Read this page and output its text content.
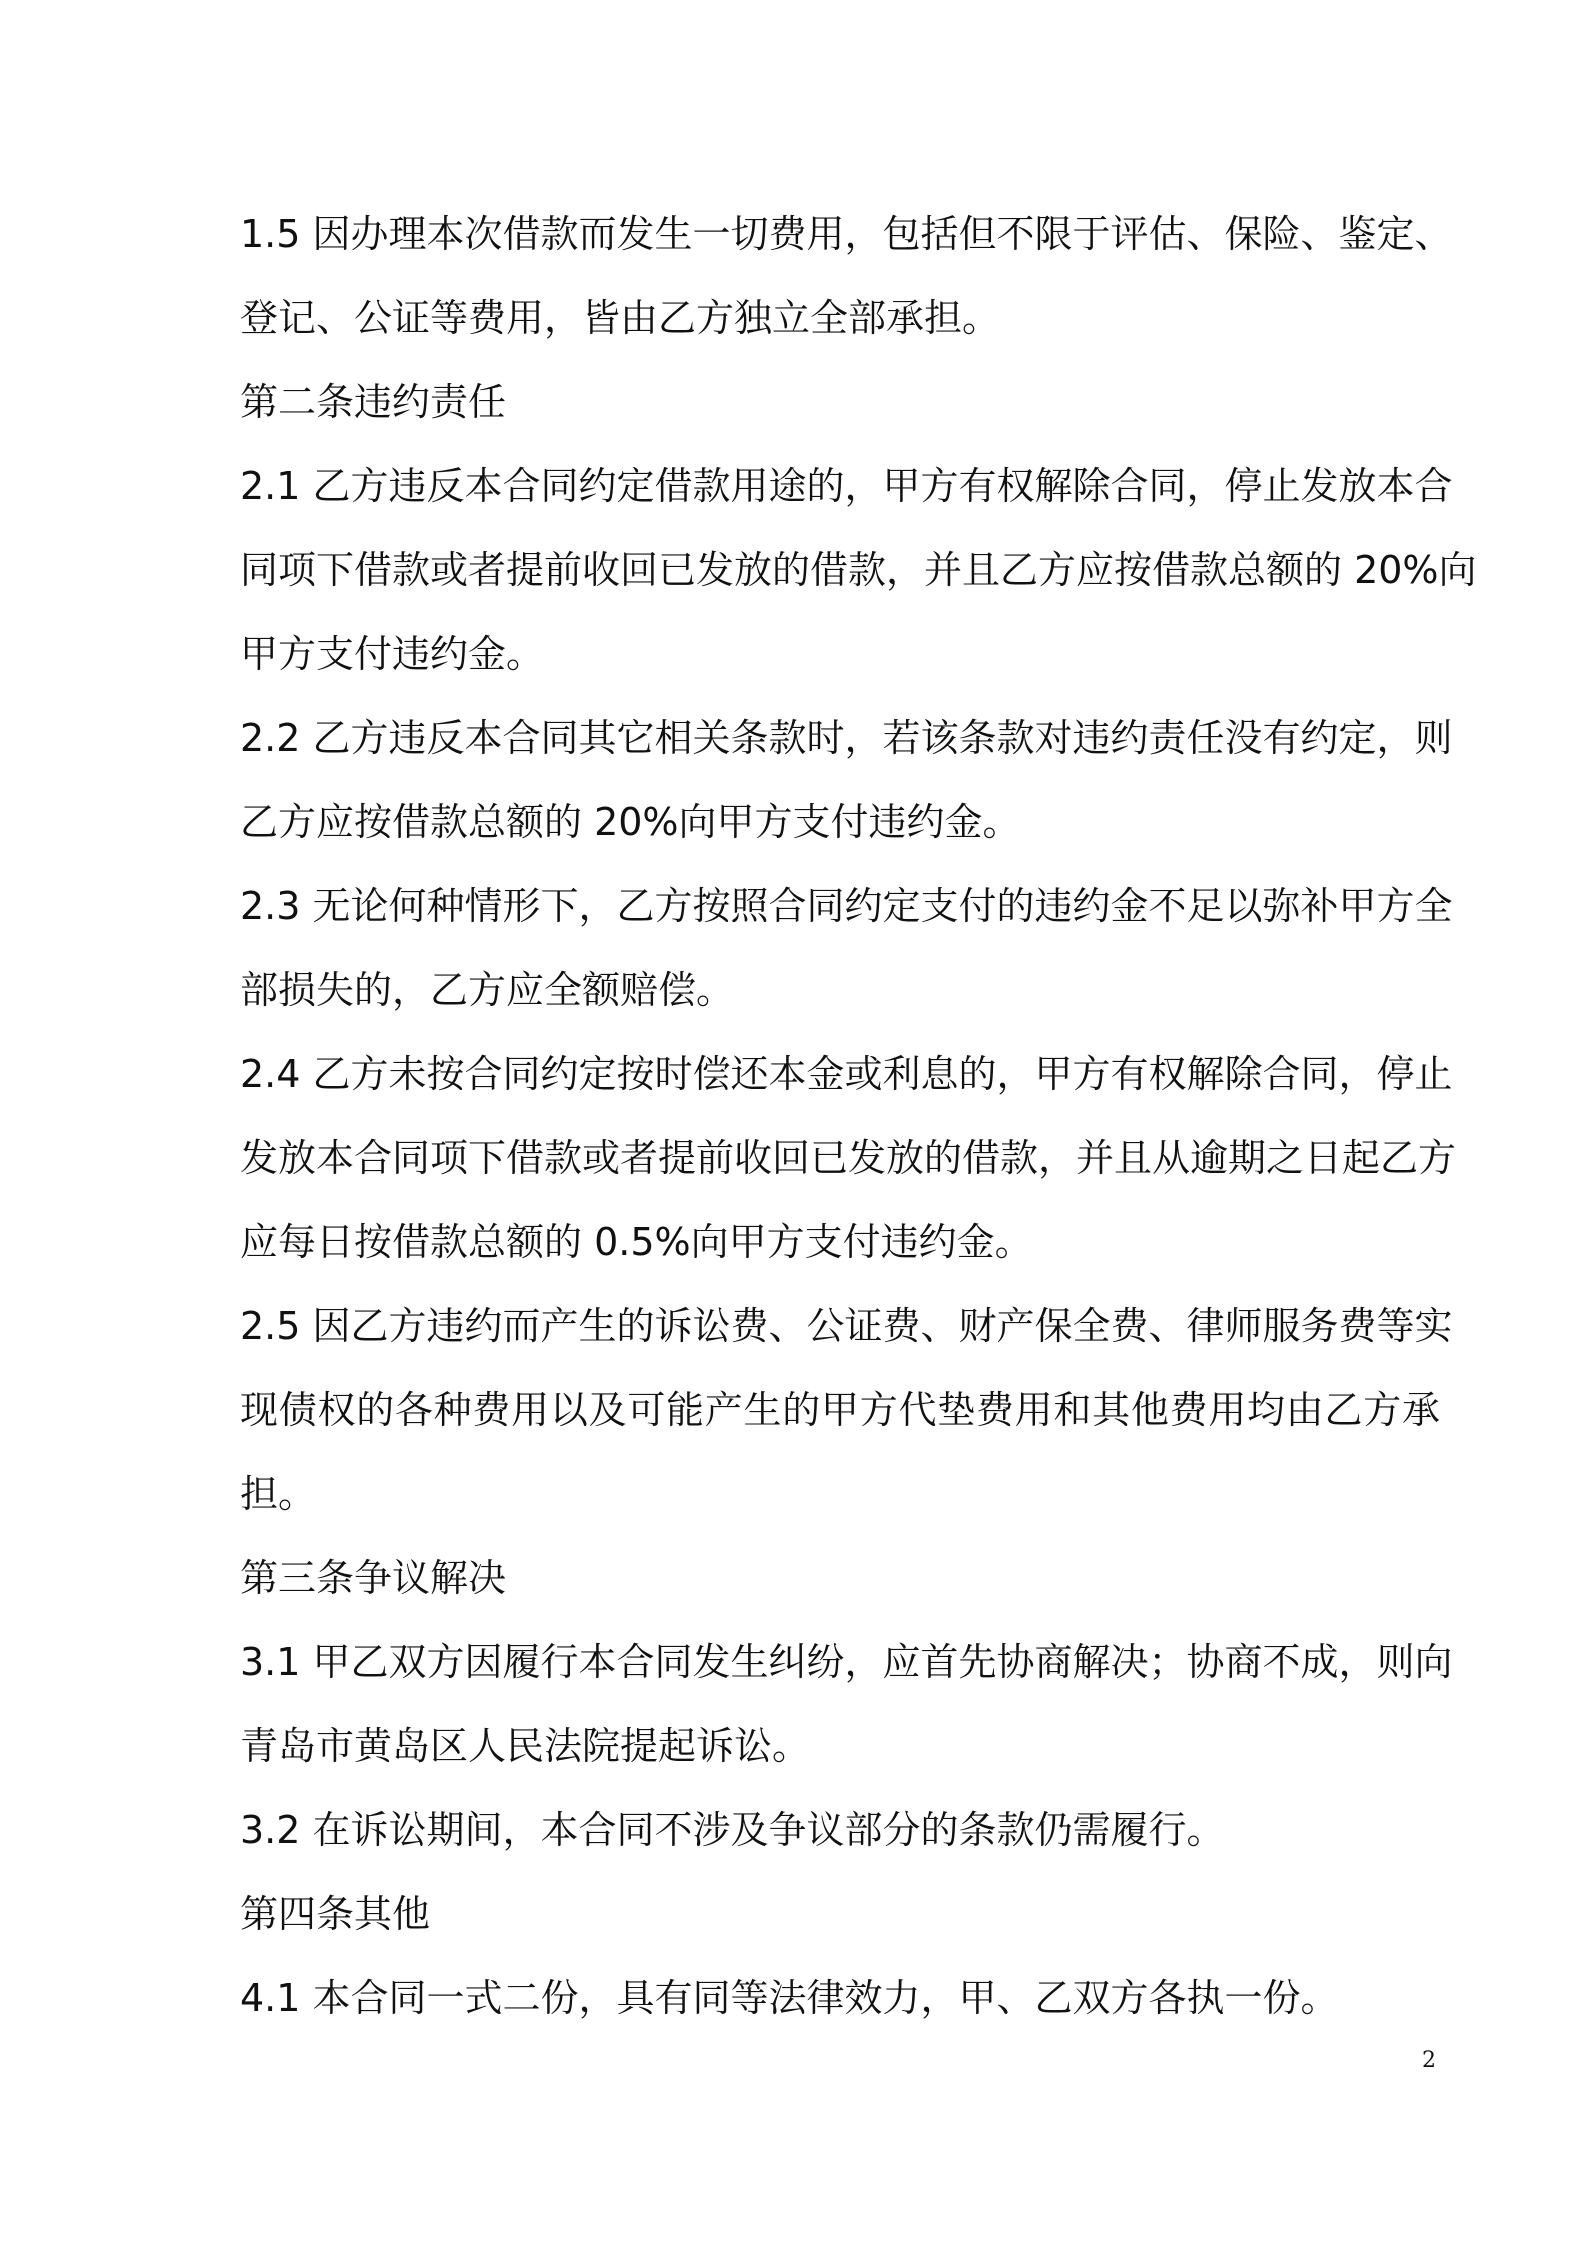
1.5 因办理本次借款而发生一切费用，包括但不限于评估、保险、鉴定、
登记、公证等费用，皆由乙方独立全部承担。
第二条违约责任
2.1 乙方违反本合同约定借款用途的，甲方有权解除合同，停止发放本合
同项下借款或者提前收回已发放的借款，并且乙方应按借款总额的 20%向
甲方支付违约金。
2.2 乙方违反本合同其它相关条款时，若该条款对违约责任没有约定，则
乙方应按借款总额的 20%向甲方支付违约金。
2.3 无论何种情形下，乙方按照合同约定支付的违约金不足以弥补甲方全
部损失的，乙方应全额赔偿。
2.4 乙方未按合同约定按时偿还本金或利息的，甲方有权解除合同，停止
发放本合同项下借款或者提前收回已发放的借款，并且从逾期之日起乙方
应每日按借款总额的 0.5%向甲方支付违约金。
2.5 因乙方违约而产生的诉讼费、公证费、财产保全费、律师服务费等实
现债权的各种费用以及可能产生的甲方代垫费用和其他费用均由乙方承
担。
第三条争议解决
3.1 甲乙双方因履行本合同发生纠纷，应首先协商解决；协商不成，则向
青岛市黄岛区人民法院提起诉讼。
3.2 在诉讼期间，本合同不涉及争议部分的条款仍需履行。
第四条其他
4.1 本合同一式二份，具有同等法律效力，甲、乙双方各执一份。
2
